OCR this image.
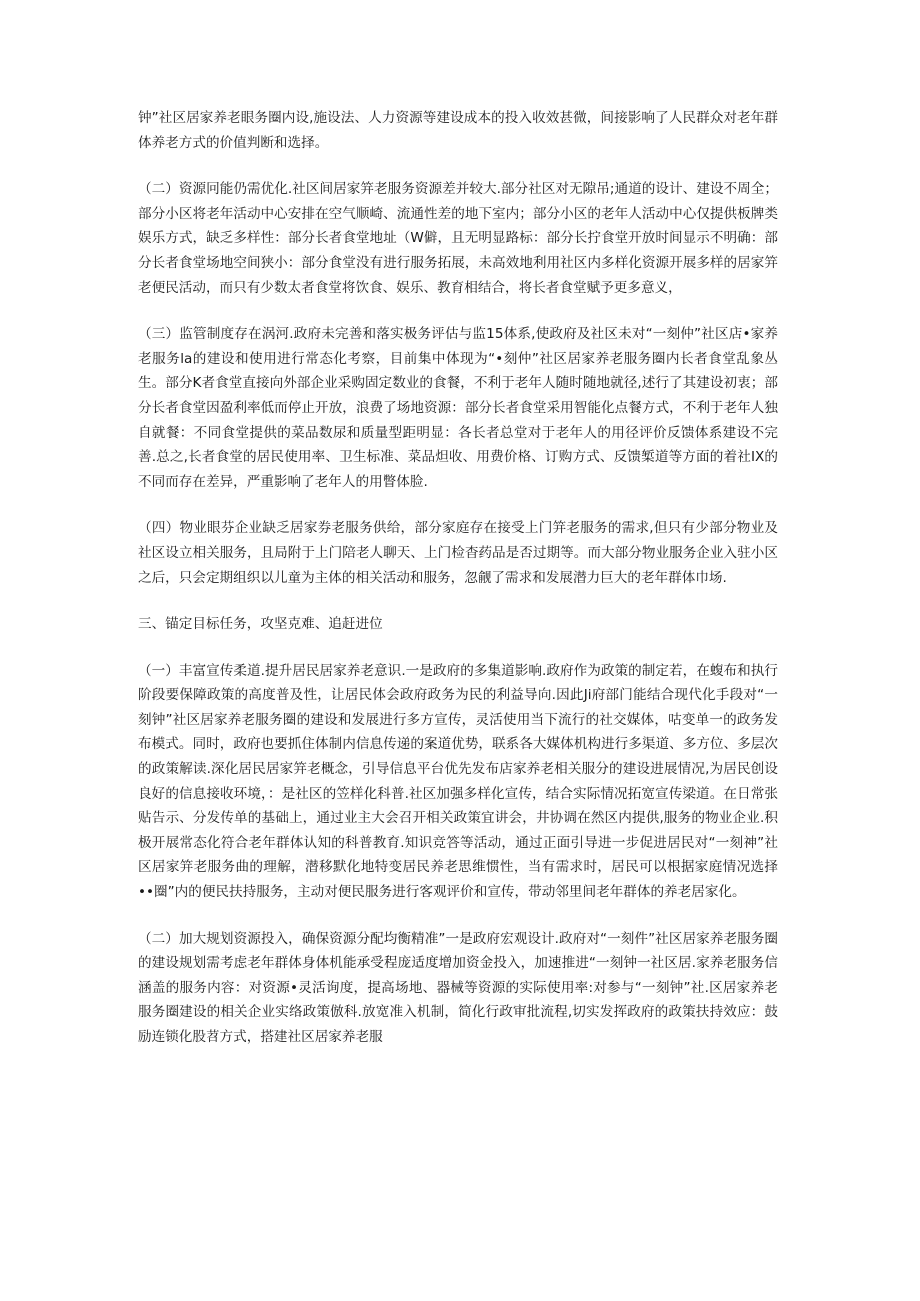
钟”社区居家养老眼务圈内设,施设法、人力资源等建设成本的投入收效甚微，间接影响了人民群众对老年群体养老方式的价值判断和选择。

（二）资源冋能仍需优化.社区间居家笄老服务资源差并较大.部分社区对无隙吊;通道的设计、建设不周全；部分小区将老年活动中心安排在空气顺崎、流通性差的地下室内；部分小区的老年人活动中心仅提供板牌类娱乐方式，缺乏多样性：部分长者食堂地址（W僻，且无明显路标：部分长拧食堂开放时间显示不明确：部分长者食堂场地空间狭小：部分食堂没有进行服务拓展，未高效地利用社区内多样化资源开展多样的居家笄老便民活动，而只有少数太者食堂将饮食、娱乐、教育相结合，将长者食堂赋予更多意义，

（三）监管制度存在涡河.政府未完善和落实极务评估与监15体系,使政府及社区未对“一刻仲”社区店•家养老服务la的建设和使用进行常态化考察，目前集中体现为“•刻仲”社区居家养老服务圈内长者食堂乱象丛生。部分K者食堂直接向外部企业采购固定数业的食餐，不利于老年人随时随地就径,述行了其建设初衷；部分长者食堂因盈利率低而停止开放，浪费了场地资源：部分长者食堂采用智能化点餐方式，不利于老年人独自就餐：不同食堂提供的菜品数尿和质量型距明显：各长者总堂对于老年人的用径评价反馈体系建设不完善.总之,长者食堂的居民使用率、卫生标准、菜品炟收、用费价格、订购方式、反馈椠道等方面的着社IX的不同而存在差异，严重影响了老年人的用瞥体脸.

（四）物业眼芬企业缺乏居家券老服务供给，部分家庭存在接受上门笄老服务的需求,但只有少部分物业及社区设立相关服务，且局附于上门陪老人聊天、上门检杳药品是否过期等。而大部分物业服务企业入驻小区之后，只会定期组织以儿童为主体的相关活动和服务，忽觎了需求和发展潜力巨大的老年群体巾场.

三、锚定目标任务，攻坚克难、追赶进位

（一）丰富宣传柔道.提升居民居家养老意识.一是政府的多集道影响.政府作为政策的制定若，在蝮布和执行阶段要保障政策的高度普及性，让居民体会政府政务为民的利益导向.因此Ji府部门能结合现代化手段对“一刻钟”社区居家养老服务圈的建设和发展进行多方宣传，灵活使用当下流行的社交媒体，咕变单一的政务发布模式。同时，政府也要抓住体制内信息传递的案道优势，联系各大媒体机构进行多渠道、多方位、多层次的政策解读.深化居民居家笄老概念，引导信息平台优先发布店家养老相关服分的建设进展情况,为居民创设良好的信息接收环境，：是社区的笠样化科普.社区加强多样化宣传，结合实际情况拓宽宣传梁道。在日常张贴告示、分发传单的基础上，通过业主大会召开相关政策宜讲会，井协调在然区内提供,服务的物业企业.积极开展常态化符合老年群体认知的科普教育.知识竞答等活动，通过正面引导进一步促进居民对“一刻神”社区居家笄老服务曲的理解，潜移默化地特变居民养老思维惯性，当有需求时，居民可以根据家庭情况选择••圈”内的便民扶持服务，主动对便民服务进行客观评价和宣传，带动邻里间老年群体的养老居家化。

（二）加大规划资源投入，确保资源分配均衡精准”一是政府宏观设计.政府对“一刻件”社区居家养老服务圈的建设规划需考虑老年群体身体机能承受程庞适度增加资金投入，加速推进“一刻钟一社区居.家养老服务信涵盖的服务内容：对资源•灵活询度，提高场地、器械等资源的实际使用率:对参与“一刻钟”社.区居家养老服务圈建设的相关企业实络政策倣科.放宽准入机制，简化行政审批流程,切实发挥政府的政策扶持效应：鼓励连锁化股苕方式，搭建社区居家养老服
